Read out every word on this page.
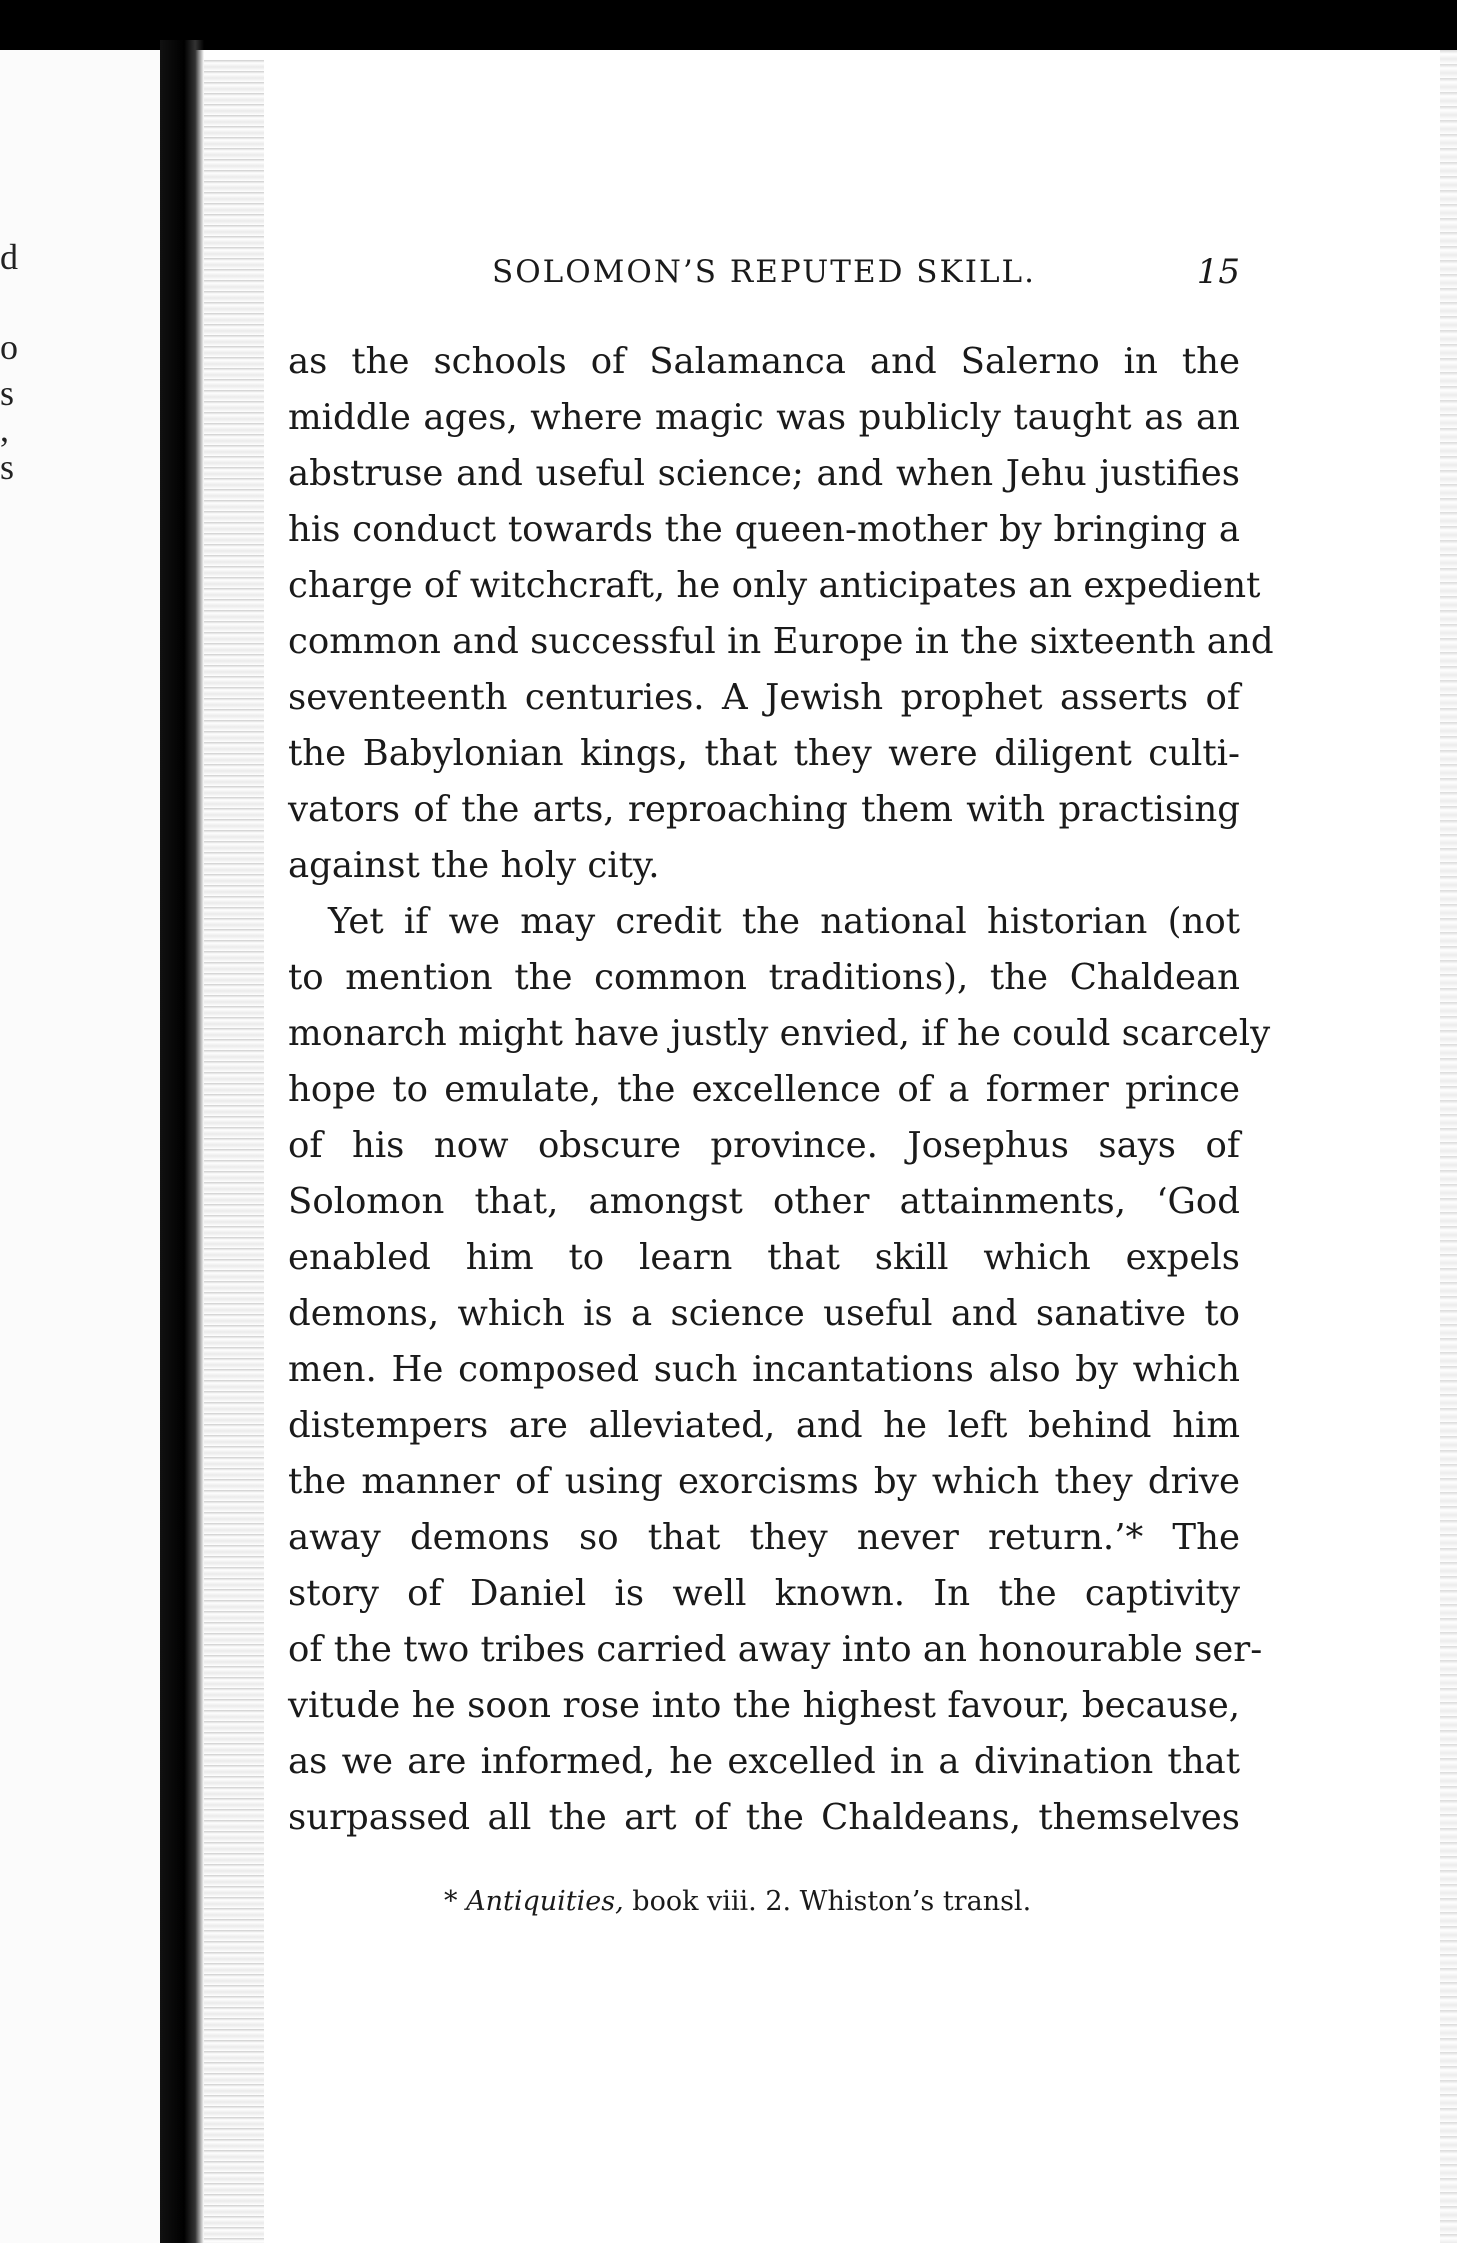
d
o
s
,
s
SOLOMON’S REPUTED SKILL.	15
as the schools of Salamanca and Salerno in the
middle ages, where magic was publicly taught as an
abstruse and useful science; and when Jehu justifies
his conduct towards the queen-mother by bringing a
charge of witchcraft, he only anticipates an expedient
common and successful in Europe in the sixteenth and
seventeenth centuries. A Jewish prophet asserts of
the Babylonian kings, that they were diligent culti-
vators of the arts, reproaching them with practising
against the holy city.
Yet if we may credit the national historian (not
to mention the common traditions), the Chaldean
monarch might have justly envied, if he could scarcely
hope to emulate, the excellence of a former prince
of his now obscure province. Josephus says of
Solomon that, amongst other attainments, ‘God
enabled him to learn that skill which expels
demons, which is a science useful and sanative to
men. He composed such incantations also by which
distempers are alleviated, and he left behind him
the manner of using exorcisms by which they drive
away demons so that they never return.’* The
story of Daniel is well known. In the captivity
of the two tribes carried away into an honourable ser-
vitude he soon rose into the highest favour, because,
as we are informed, he excelled in a divination that
surpassed all the art of the Chaldeans, themselves
* Antiquities, book viii. 2. Whiston’s transl.
